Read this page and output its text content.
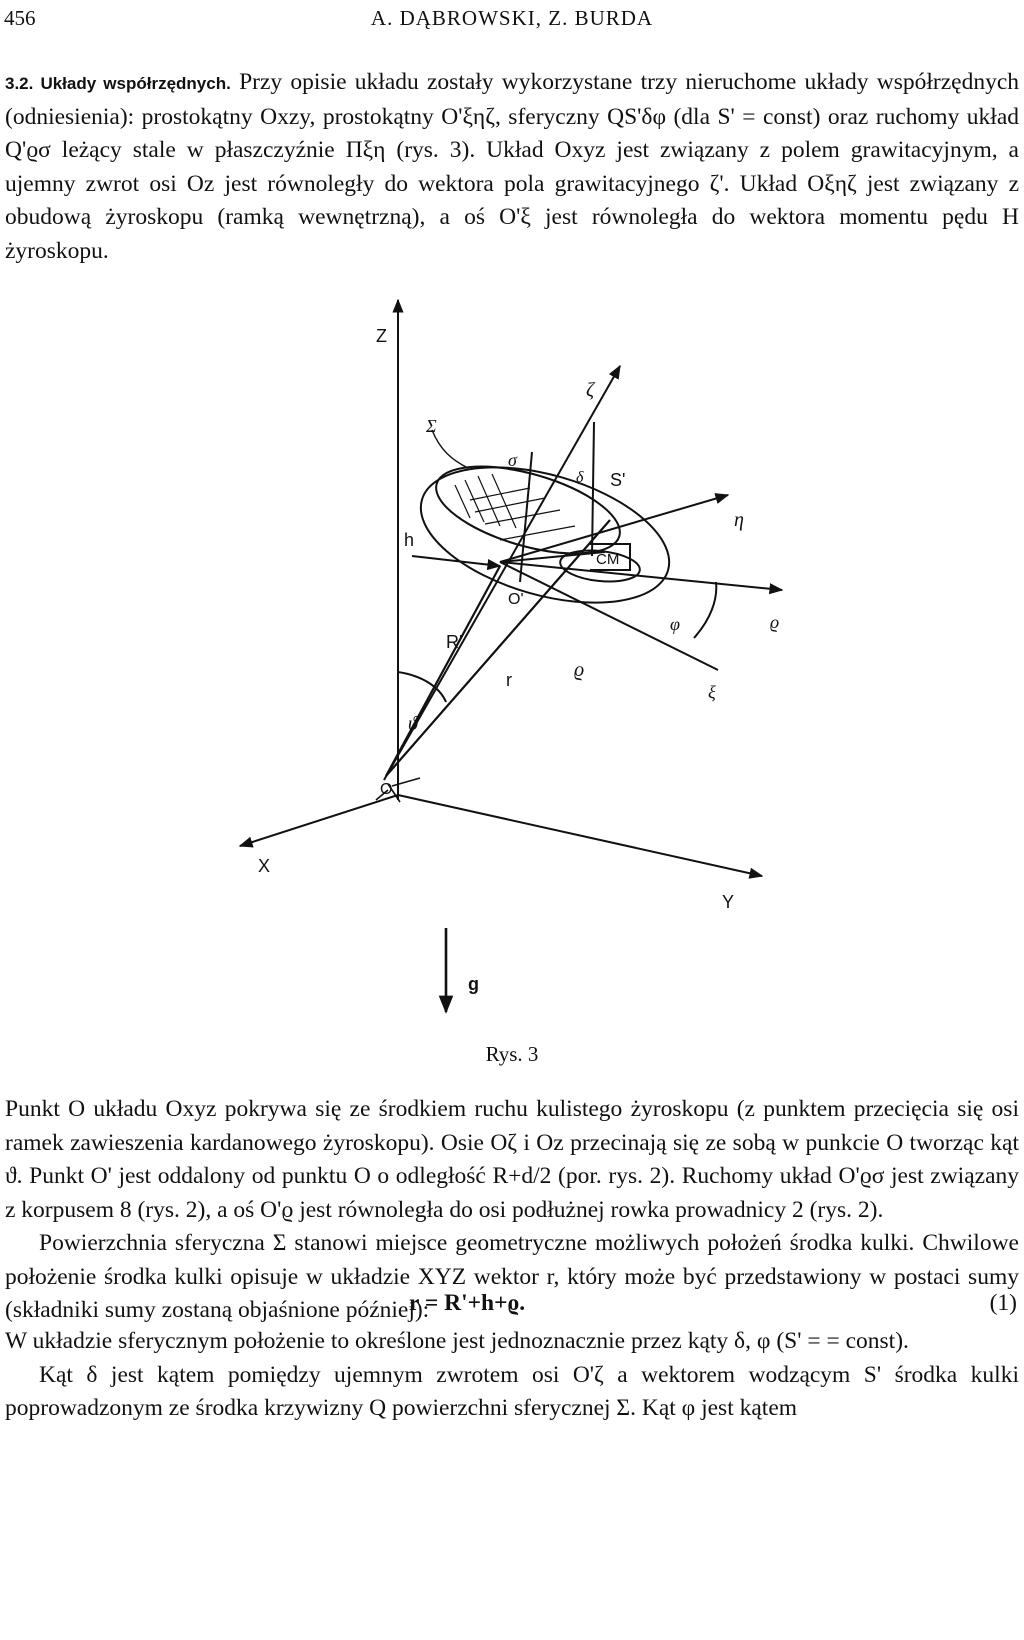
456	A. DĄBROWSKI, Z. BURDA

3.2. Układy współrzędnych. Przy opisie układu zostały wykorzystane trzy nieruchome układy współrzędnych (odniesienia): prostokątny Oxzy, prostokątny O'ξηζ, sferyczny QS'δφ (dla S' = const) oraz ruchomy układ Q'ϱσ leżący stale w płaszczyźnie Πξη (rys. 3). Układ Oxyz jest związany z polem grawitacyjnym, a ujemny zwrot osi Oz jest równoległy do wektora pola grawitacyjnego ζ'. Układ Oξηζ jest związany z obudową żyroskopu (ramką wewnętrzną), a oś O'ξ jest równoległa do wektora momentu pędu H żyroskopu.

Z
X
Y
O
O'
ζ
Σ
σ
δ S'
η
CM
h
R'
r	ϱ
ϱ
φ
ξ
ϑ
g
Rys. 3

Punkt O układu Oxyz pokrywa się ze środkiem ruchu kulistego żyroskopu (z punktem przecięcia się osi ramek zawieszenia kardanowego żyroskopu). Osie Oζ i Oz przecinają się ze sobą w punkcie O tworząc kąt ϑ. Punkt O' jest oddalony od punktu O o odległość R+d/2 (por. rys. 2). Ruchomy układ O'ϱσ jest związany z korpusem 8 (rys. 2), a oś O'ϱ jest równoległa do osi podłużnej rowka prowadnicy 2 (rys. 2).

Powierzchnia sferyczna Σ stanowi miejsce geometryczne możliwych położeń środka kulki. Chwilowe położenie środka kulki opisuje w układzie XYZ wektor r, który może być przedstawiony w postaci sumy (składniki sumy zostaną objaśnione później):

r = R'+h+ϱ.	(1)

W układzie sferycznym położenie to określone jest jednoznacznie przez kąty δ, φ (S' = = const).

Kąt δ jest kątem pomiędzy ujemnym zwrotem osi O'ζ a wektorem wodzącym S' środka kulki poprowadzonym ze środka krzywizny Q powierzchni sferycznej Σ. Kąt φ jest kątem
